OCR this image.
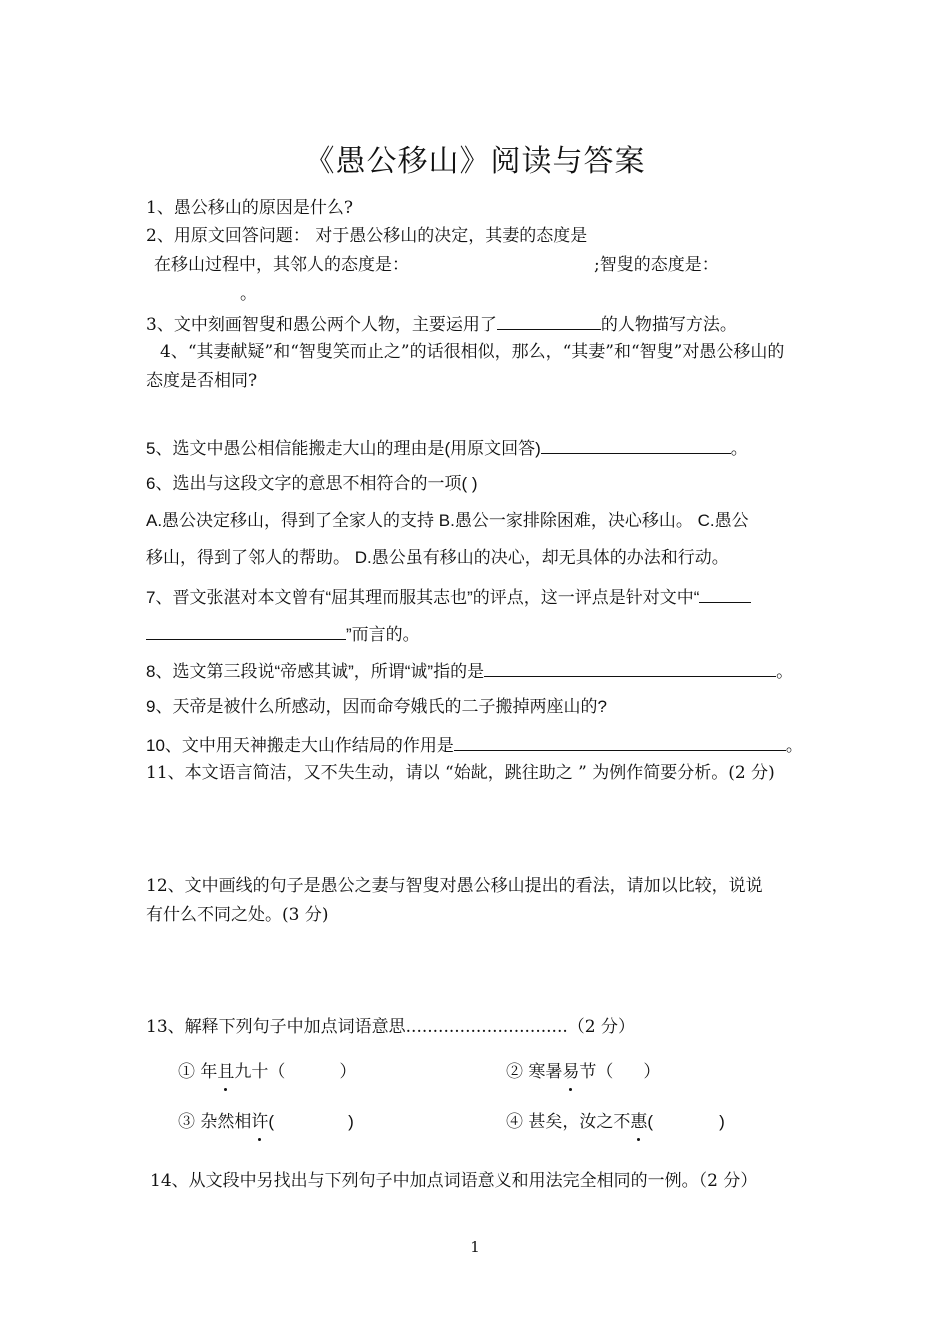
《愚公移山》阅读与答案
1、愚公移山的原因是什么?
2、用原文回答问题： 对于愚公移山的决定，其妻的态度是
在移山过程中，其邻人的态度是：	;智叟的态度是：
。
3、文中刻画智叟和愚公两个人物，主要运用了	的人物描写方法。
4、“其妻献疑”和“智叟笑而止之”的话很相似，那么，“其妻”和“智叟”对愚公移山的
态度是否相同?
5、选文中愚公相信能搬走大山的理由是(用原文回答)	。
6、选出与这段文字的意思不相符合的一项( )
A.愚公决定移山，得到了全家人的支持 B.愚公一家排除困难，决心移山。 C.愚公
移山，得到了邻人的帮助。 D.愚公虽有移山的决心，却无具体的办法和行动。
7、晋文张湛对本文曾有“屈其理而服其志也”的评点，这一评点是针对文中“
”而言的。
8、选文第三段说“帝感其诚”，所谓“诚”指的是	。
9、天帝是被什么所感动，因而命夸娥氏的二子搬掉两座山的?
10、文中用天神搬走大山作结局的作用是	。
11、本文语言简洁，又不失生动，请以 “始龀，跳往助之 ” 为例作简要分析。(2 分)
12、文中画线的句子是愚公之妻与智叟对愚公移山提出的看法，请加以比较，说说
有什么不同之处。(3 分)
13、解释下列句子中加点词语意思..............................（2 分）
① 年且九十（	）	② 寒暑易节（ ）
③ 杂然相许(	)	④ 甚矣，汝之不惠(	)
14、从文段中另找出与下列句子中加点词语意义和用法完全相同的一例。（2 分）
1
